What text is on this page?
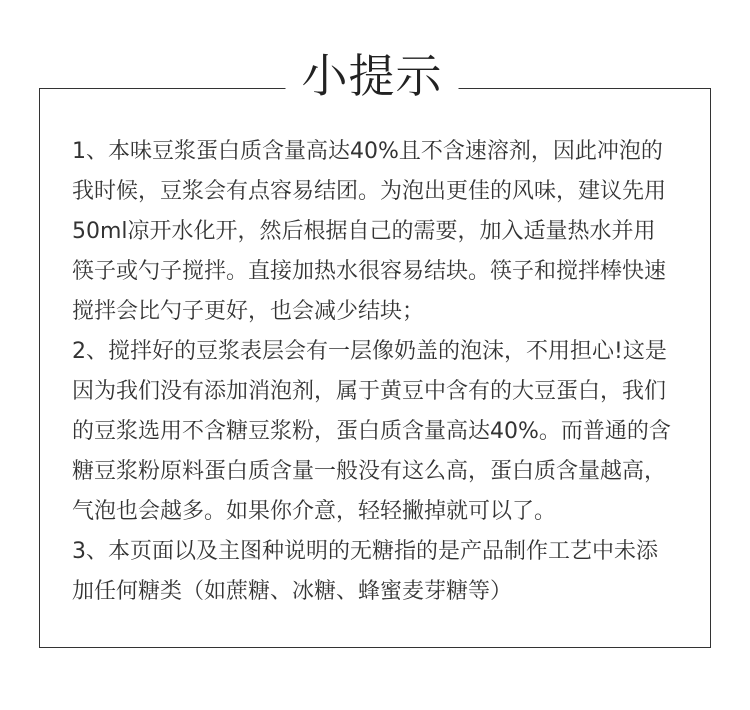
小提示
1、本味豆浆蛋白质含量高达40%且不含速溶剂，因此冲泡的
我时候，豆浆会有点容易结团。为泡出更佳的风味，建议先用
50ml凉开水化开，然后根据自己的需要，加入适量热水并用
筷子或勺子搅拌。直接加热水很容易结块。筷子和搅拌棒快速
搅拌会比勺子更好，也会减少结块；
2、搅拌好的豆浆表层会有一层像奶盖的泡沫，不用担心!这是
因为我们没有添加消泡剂，属于黄豆中含有的大豆蛋白，我们
的豆浆选用不含糖豆浆粉，蛋白质含量高达40%。而普通的含
糖豆浆粉原料蛋白质含量一般没有这么高，蛋白质含量越高，
气泡也会越多。如果你介意，轻轻撇掉就可以了。
3、本页面以及主图种说明的无糖指的是产品制作工艺中未添
加任何糖类（如蔗糖、冰糖、蜂蜜麦芽糖等）
